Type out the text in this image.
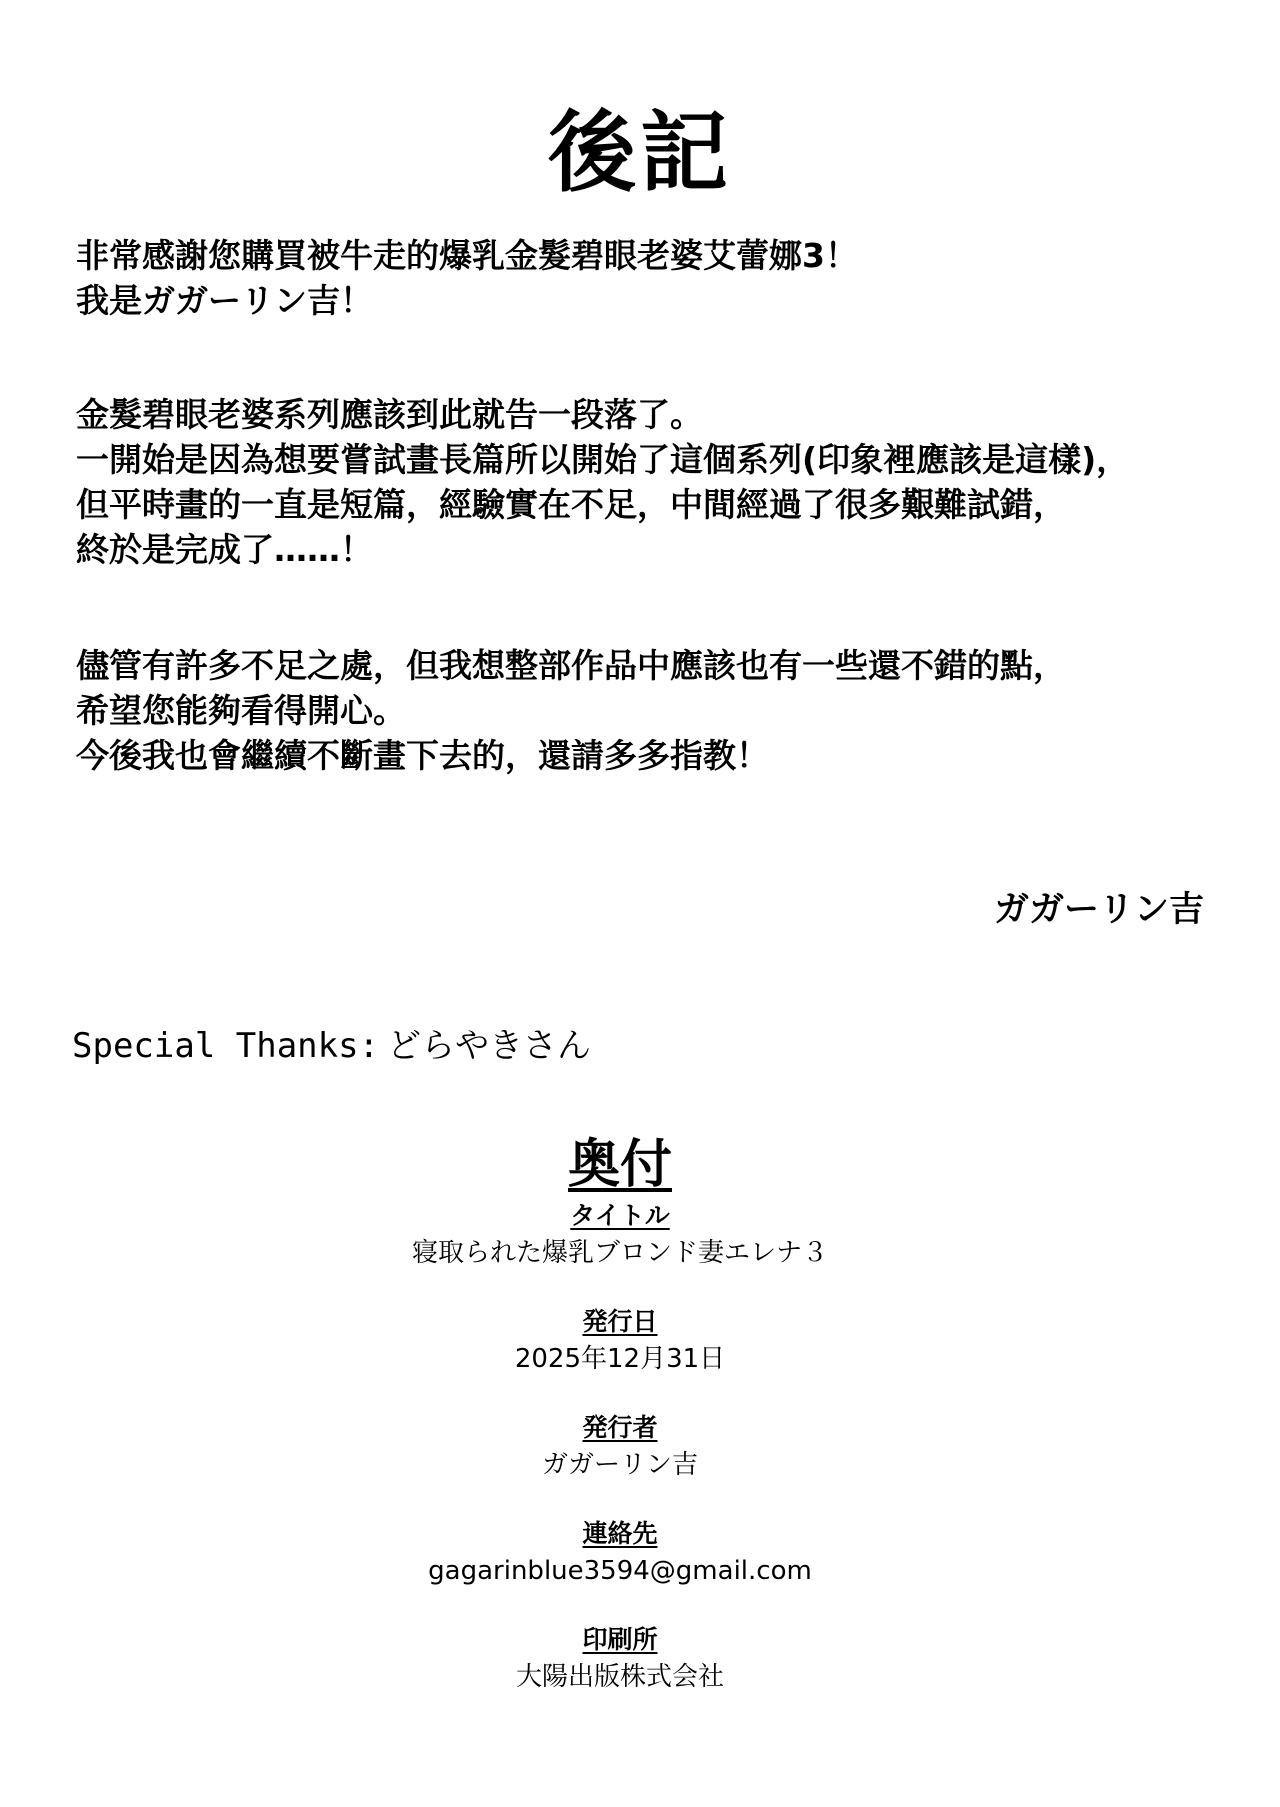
後記
非常感謝您購買被牛走的爆乳金髮碧眼老婆艾蕾娜3！
我是ガガーリン吉！
金髮碧眼老婆系列應該到此就告一段落了。
一開始是因為想要嘗試畫長篇所以開始了這個系列(印象裡應該是這樣)，
但平時畫的一直是短篇，經驗實在不足，中間經過了很多艱難試錯，
終於是完成了……！
儘管有許多不足之處，但我想整部作品中應該也有一些還不錯的點，
希望您能夠看得開心。
今後我也會繼續不斷畫下去的，還請多多指教！
ガガーリン吉
Special Thanks: どらやきさん
奥付
タイトル
寝取られた爆乳ブロンド妻エレナ３
発行日
2025年12月31日
発行者
ガガーリン吉
連絡先
gagarinblue3594@gmail.com
印刷所
大陽出版株式会社
